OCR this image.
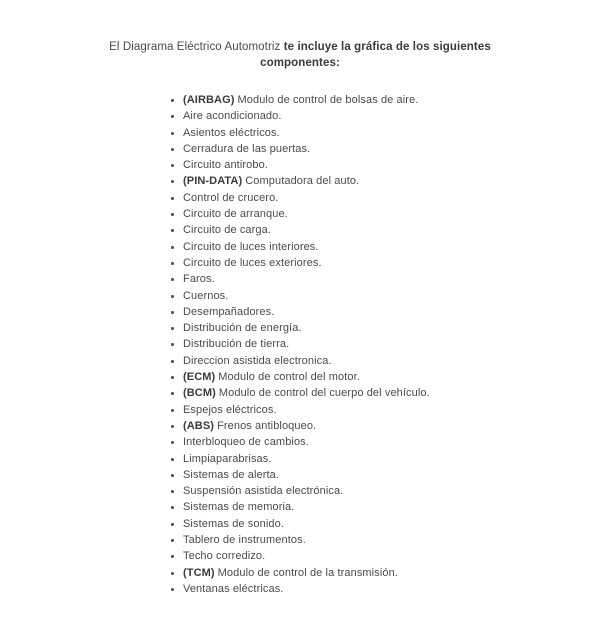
El Diagrama Eléctrico Automotriz te incluye la gráfica de los siguientes componentes:
(AIRBAG) Modulo de control de bolsas de aire.
Aire acondicionado.
Asientos eléctricos.
Cerradura de las puertas.
Circuito antirobo.
(PIN-DATA) Computadora del auto.
Control de crucero.
Circuito de arranque.
Circuito de carga.
Circuito de luces interiores.
Circuito de luces exteriores.
Faros.
Cuernos.
Desempañadores.
Distribución de energía.
Distribución de tierra.
Direccion asistida electronica.
(ECM) Modulo de control del motor.
(BCM) Modulo de control del cuerpo del vehículo.
Espejos eléctricos.
(ABS) Frenos antibloqueo.
Interbloqueo de cambios.
Limpiaparabrisas.
Sistemas de alerta.
Suspensión asistida electrónica.
Sistemas de memoria.
Sistemas de sonido.
Tablero de instrumentos.
Techo corredizo.
(TCM) Modulo de control de la transmisión.
Ventanas eléctricas.
